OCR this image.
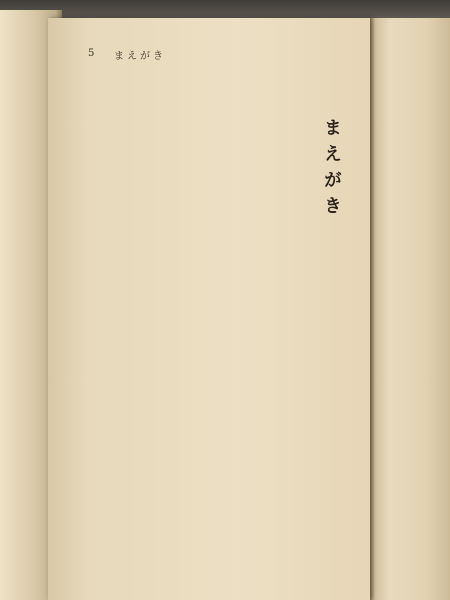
5 まえがき
まえがき
